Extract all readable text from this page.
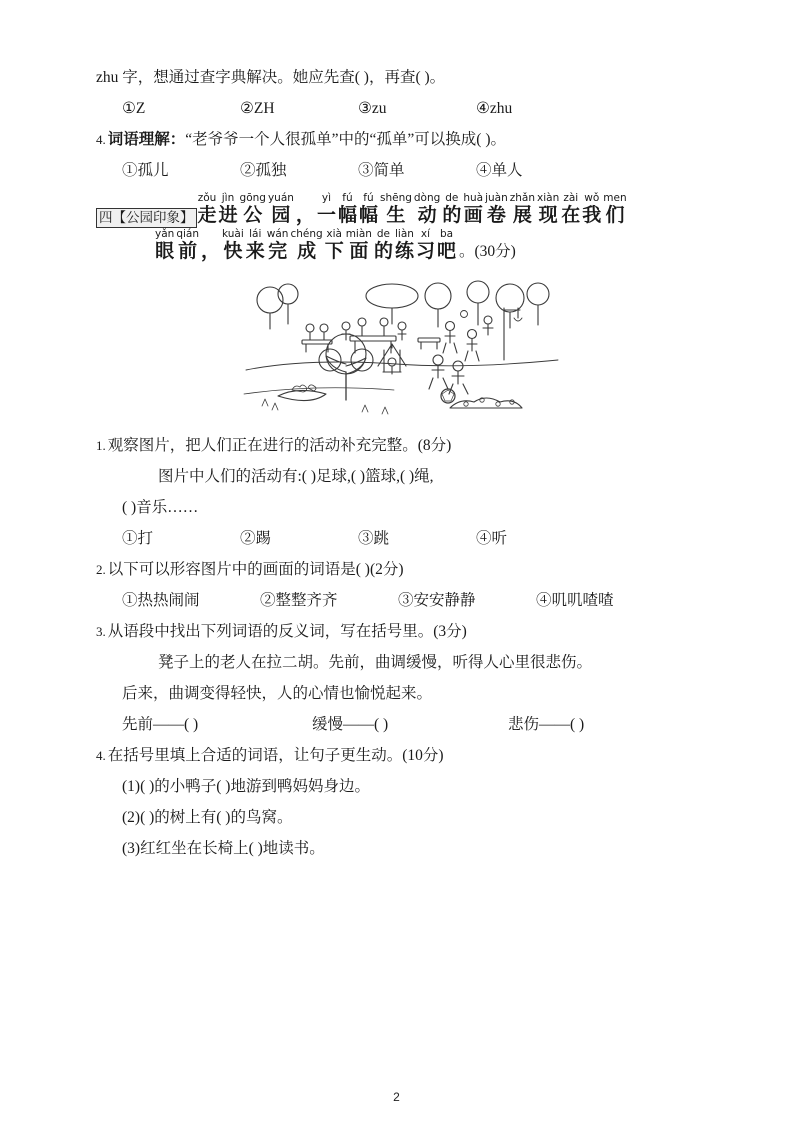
zhu 字，想通过查字典解决。她应先查( )，再查( )。
①Z	②ZH	③zu	④zhu
4. 词语理解： “老爷爷一个人很孤单”中的“孤单”可以换成( )。
①孤儿	②孤独	③简单	④单人
四【公园印象】
zǒu
走
jìn
进
gōng
公
yuán
园 ，
yì
一
fú
幅
fú
幅
shēng
生
dòng
动
de
的
huà
画
juàn
卷
zhǎn
展
xiàn
现
zài
在
wǒ
我
men
们
yǎn
眼
qián
前 ，
kuài
快
lái
来
wán
完
chéng
成
xià
下
miàn
面
de
的
liàn
练
xí
习
ba
吧 。(30分)
1. 观察图片，把人们正在进行的活动补充完整。(8分)
图片中人们的活动有:( )足球,( )篮球,( )绳,
( )音乐……
①打	②踢	③跳	④听
2. 以下可以形容图片中的画面的词语是( )(2分)
①热热闹闹	②整整齐齐	③安安静静	④叽叽喳喳
3. 从语段中找出下列词语的反义词，写在括号里。(3分)
凳子上的老人在拉二胡。先前，曲调缓慢，听得人心里很悲伤。
后来，曲调变得轻快，人的心情也愉悦起来。
先前——( )	缓慢——( )	悲伤——( )
4. 在括号里填上合适的词语，让句子更生动。(10分)
(1)( )的小鸭子( )地游到鸭妈妈身边。
(2)( )的树上有( )的鸟窝。
(3)红红坐在长椅上( )地读书。
2
